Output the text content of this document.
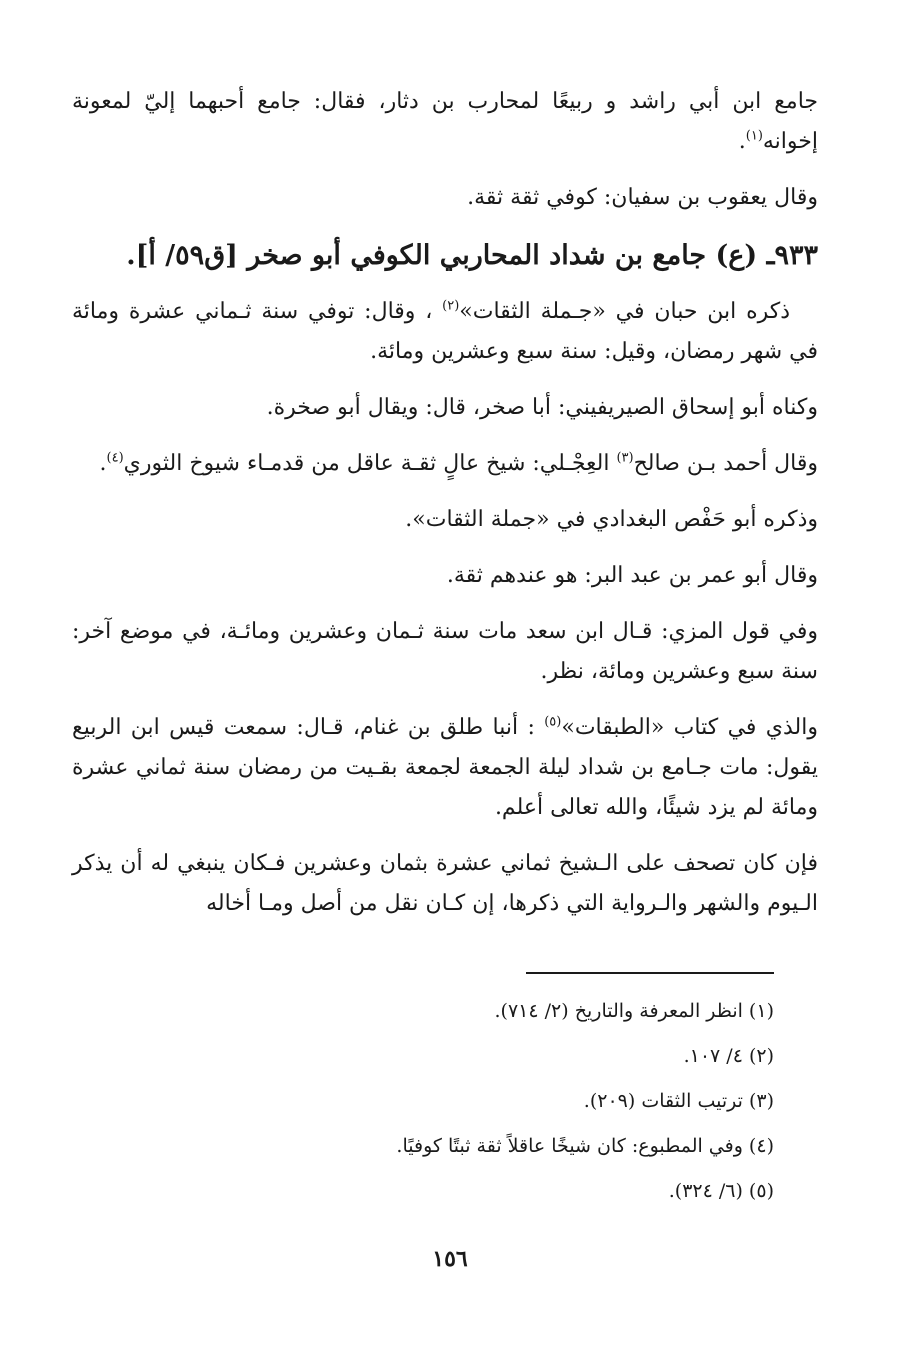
جامع ابن أبي راشد و ربيعًا لمحارب بن دثار، فقال: جامع أحبهما إليّ لمعونة إخوانه$^{(١)}$.

وقال يعقوب بن سفيان: كوفي ثقة ثقة.

٩٣٣ـ (ع) جامع بن شداد المحاربي الكوفي أبو صخر [ق٥٩/ أ].

ذكره ابن حبان في «جـملة الثقات»$^{(٢)}$ ، وقال: توفي سنة ثـماني عشرة ومائة في شهر رمضان، وقيل: سنة سبع وعشرين ومائة.

وكناه أبو إسحاق الصيريفيني: أبا صخر، قال: ويقال أبو صخرة.

وقال أحمد بـن صالح$^{(٣)}$ العِجْـلي: شيخ عالٍ ثقـة عاقل من قدمـاء شيوخ الثوري$^{(٤)}$.

وذكره أبو حَفْص البغدادي في «جملة الثقات».

وقال أبو عمر بن عبد البر: هو عندهم ثقة.

وفي قول المزي: قـال ابن سعد مات سنة ثـمان وعشرين ومائـة، في موضع آخر: سنة سبع وعشرين ومائة، نظر.

والذي في كتاب «الطبقات»$^{(٥)}$ : أنبا طلق بن غنام، قـال: سمعت قيس ابن الربيع يقول: مات جـامع بن شداد ليلة الجمعة لجمعة بقـيت من رمضان سنة ثماني عشرة ومائة لم يزد شيئًا، والله تعالى أعلم.

فإن كان تصحف على الـشيخ ثماني عشرة بثمان وعشرين فـكان ينبغي له أن يذكر الـيوم والشهر والـرواية التي ذكرها، إن كـان نقل من أصل ومـا أخاله

(١) انظر المعرفة والتاريخ (٢/ ٧١٤).

(٢) ٤/ ١٠٧.

(٣) ترتيب الثقات (٢٠٩).

(٤) وفي المطبوع: كان شيخًا عاقلاً ثقة ثبتًا كوفيًا.

(٥) (٦/ ٣٢٤).

١٥٦
